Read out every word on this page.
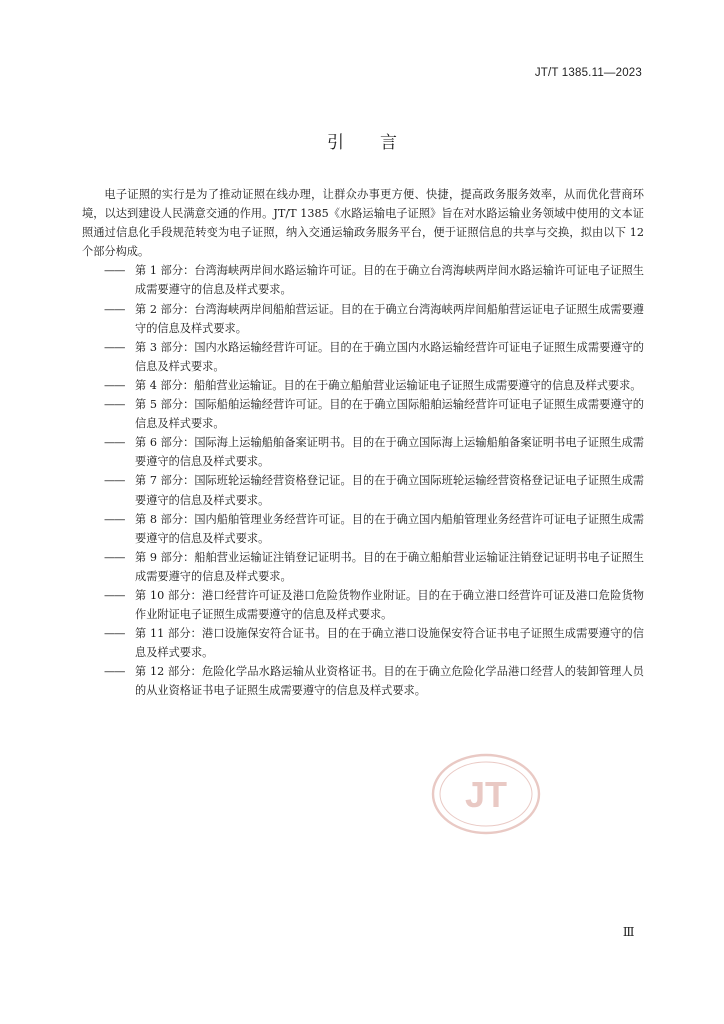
JT/T 1385.11—2023
引言

电子证照的实行是为了推动证照在线办理，让群众办事更方便、快捷，提高政务服务效率，从而优化营商环境，以达到建设人民满意交通的作用。JT/T 1385《水路运输电子证照》旨在对水路运输业务领域中使用的文本证照通过信息化手段规范转变为电子证照，纳入交通运输政务服务平台，便于证照信息的共享与交换，拟由以下 12 个部分构成。

—— 第 1 部分：台湾海峡两岸间水路运输许可证。目的在于确立台湾海峡两岸间水路运输许可证电子证照生成需要遵守的信息及样式要求。
—— 第 2 部分：台湾海峡两岸间船舶营运证。目的在于确立台湾海峡两岸间船舶营运证电子证照生成需要遵守的信息及样式要求。
—— 第 3 部分：国内水路运输经营许可证。目的在于确立国内水路运输经营许可证电子证照生成需要遵守的信息及样式要求。
—— 第 4 部分：船舶营业运输证。目的在于确立船舶营业运输证电子证照生成需要遵守的信息及样式要求。
—— 第 5 部分：国际船舶运输经营许可证。目的在于确立国际船舶运输经营许可证电子证照生成需要遵守的信息及样式要求。
—— 第 6 部分：国际海上运输船舶备案证明书。目的在于确立国际海上运输船舶备案证明书电子证照生成需要遵守的信息及样式要求。
—— 第 7 部分：国际班轮运输经营资格登记证。目的在于确立国际班轮运输经营资格登记证电子证照生成需要遵守的信息及样式要求。
—— 第 8 部分：国内船舶管理业务经营许可证。目的在于确立国内船舶管理业务经营许可证电子证照生成需要遵守的信息及样式要求。
—— 第 9 部分：船舶营业运输证注销登记证明书。目的在于确立船舶营业运输证注销登记证明书电子证照生成需要遵守的信息及样式要求。
—— 第 10 部分：港口经营许可证及港口危险货物作业附证。目的在于确立港口经营许可证及港口危险货物作业附证电子证照生成需要遵守的信息及样式要求。
—— 第 11 部分：港口设施保安符合证书。目的在于确立港口设施保安符合证书电子证照生成需要遵守的信息及样式要求。
—— 第 12 部分：危险化学品水路运输从业资格证书。目的在于确立危险化学品港口经营人的装卸管理人员的从业资格证书电子证照生成需要遵守的信息及样式要求。
JT
Ⅲ
